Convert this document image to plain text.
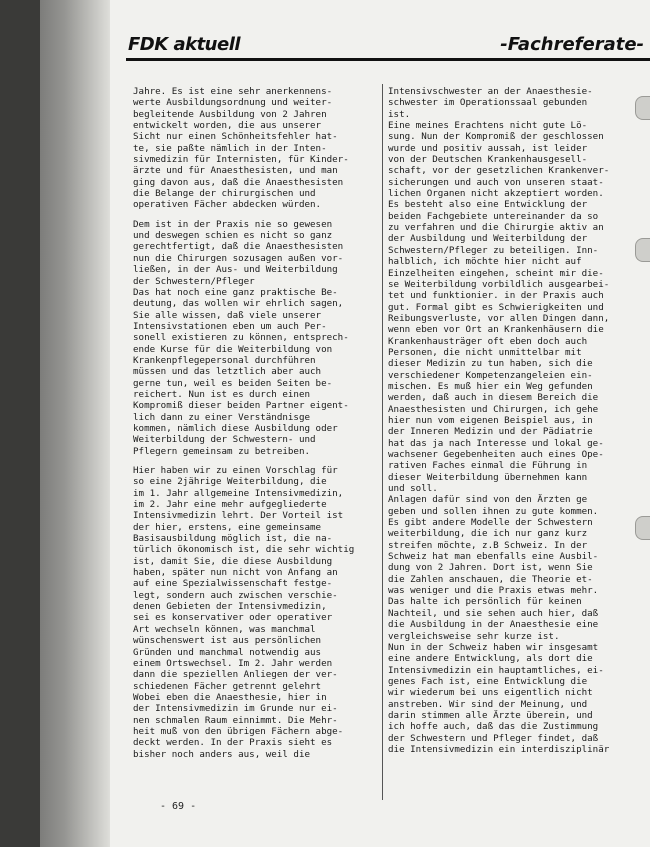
FDK aktuell	-Fachreferate-
Jahre. Es ist eine sehr anerkennens-
werte Ausbildungsordnung und weiter-
begleitende Ausbildung von 2 Jahren
entwickelt worden, die aus unserer
Sicht nur einen Schönheitsfehler hat-
te, sie paßte nämlich in der Inten-
sivmedizin für Internisten, für Kinder-
ärzte und für Anaesthesisten, und man
ging davon aus, daß die Anaesthesisten
die Belange der chirurgischen und
operativen Fächer abdecken würden.
Dem ist in der Praxis nie so gewesen
und deswegen schien es nicht so ganz
gerechtfertigt, daß die Anaesthesisten
nun die Chirurgen sozusagen außen vor-
ließen, in der Aus- und Weiterbildung
der Schwestern/Pfleger
Das hat noch eine ganz praktische Be-
deutung, das wollen wir ehrlich sagen,
Sie alle wissen, daß viele unserer
Intensivstationen eben um auch Per-
sonell existieren zu können, entsprech-
ende Kurse für die Weiterbildung von
Krankenpflegepersonal durchführen
müssen und das letztlich aber auch
gerne tun, weil es beiden Seiten be-
reichert. Nun ist es durch einen
Kompromiß dieser beiden Partner eigent-
lich dann zu einer Verständnisge
kommen, nämlich diese Ausbildung oder
Weiterbildung der Schwestern- und
Pflegern gemeinsam zu betreiben.
Hier haben wir zu einen Vorschlag für
so eine 2jährige Weiterbildung, die
im 1. Jahr allgemeine Intensivmedizin,
im 2. Jahr eine mehr aufgegliederte
Intensivmedizin lehrt. Der Vorteil ist
der hier, erstens, eine gemeinsame
Basisausbildung möglich ist, die na-
türlich ökonomisch ist, die sehr wichtig
ist, damit Sie, die diese Ausbildung
haben, später nun nicht von Anfang an
auf eine Spezialwissenschaft festge-
legt, sondern auch zwischen verschie-
denen Gebieten der Intensivmedizin,
sei es konservativer oder operativer
Art wechseln können, was manchmal
wünschenswert ist aus persönlichen
Gründen und manchmal notwendig aus
einem Ortswechsel. Im 2. Jahr werden
dann die speziellen Anliegen der ver-
schiedenen Fächer getrennt gelehrt
Wobei eben die Anaesthesie, hier in
der Intensivmedizin im Grunde nur ei-
nen schmalen Raum einnimmt. Die Mehr-
heit muß von den übrigen Fächern abge-
deckt werden. In der Praxis sieht es
bisher noch anders aus, weil die
Intensivschwester an der Anaesthesie-
schwester im Operationssaal gebunden
ist.
Eine meines Erachtens nicht gute Lö-
sung. Nun der Kompromiß der geschlossen
wurde und positiv aussah, ist leider
von der Deutschen Krankenhausgesell-
schaft, vor der gesetzlichen Krankenver-
sicherungen und auch von unseren staat-
lichen Organen nicht akzeptiert worden.
Es besteht also eine Entwicklung der
beiden Fachgebiete untereinander da so
zu verfahren und die Chirurgie aktiv an
der Ausbildung und Weiterbildung der
Schwestern/Pfleger zu beteiligen. Inn-
halblich, ich möchte hier nicht auf
Einzelheiten eingehen, scheint mir die-
se Weiterbildung vorbildlich ausgearbei-
tet und funktionier. in der Praxis auch
gut. Formal gibt es Schwierigkeiten und
Reibungsverluste, vor allen Dingen dann,
wenn eben vor Ort an Krankenhäusern die
Krankenhausträger oft eben doch auch
Personen, die nicht unmittelbar mit
dieser Medizin zu tun haben, sich die
verschiedener Kompetenzangeleien ein-
mischen. Es muß hier ein Weg gefunden
werden, daß auch in diesem Bereich die
Anaesthesisten und Chirurgen, ich gehe
hier nun vom eigenen Beispiel aus, in
der Inneren Medizin und der Pädiatrie
hat das ja nach Interesse und lokal ge-
wachsener Gegebenheiten auch eines Ope-
rativen Faches einmal die Führung in
dieser Weiterbildung übernehmen kann
und soll.
Anlagen dafür sind von den Ärzten ge
geben und sollen ihnen zu gute kommen.
Es gibt andere Modelle der Schwestern
weiterbildung, die ich nur ganz kurz
streifen möchte, z.B Schweiz. In der
Schweiz hat man ebenfalls eine Ausbil-
dung von 2 Jahren. Dort ist, wenn Sie
die Zahlen anschauen, die Theorie et-
was weniger und die Praxis etwas mehr.
Das halte ich persönlich für keinen
Nachteil, und sie sehen auch hier, daß
die Ausbildung in der Anaesthesie eine
vergleichsweise sehr kurze ist.
Nun in der Schweiz haben wir insgesamt
eine andere Entwicklung, als dort die
Intensivmedizin ein hauptamtliches, ei-
genes Fach ist, eine Entwicklung die
wir wiederum bei uns eigentlich nicht
anstreben. Wir sind der Meinung, und
darin stimmen alle Ärzte überein, und
ich hoffe auch, daß das die Zustimmung
der Schwestern und Pfleger findet, daß
die Intensivmedizin ein interdisziplinär
- 69 -
